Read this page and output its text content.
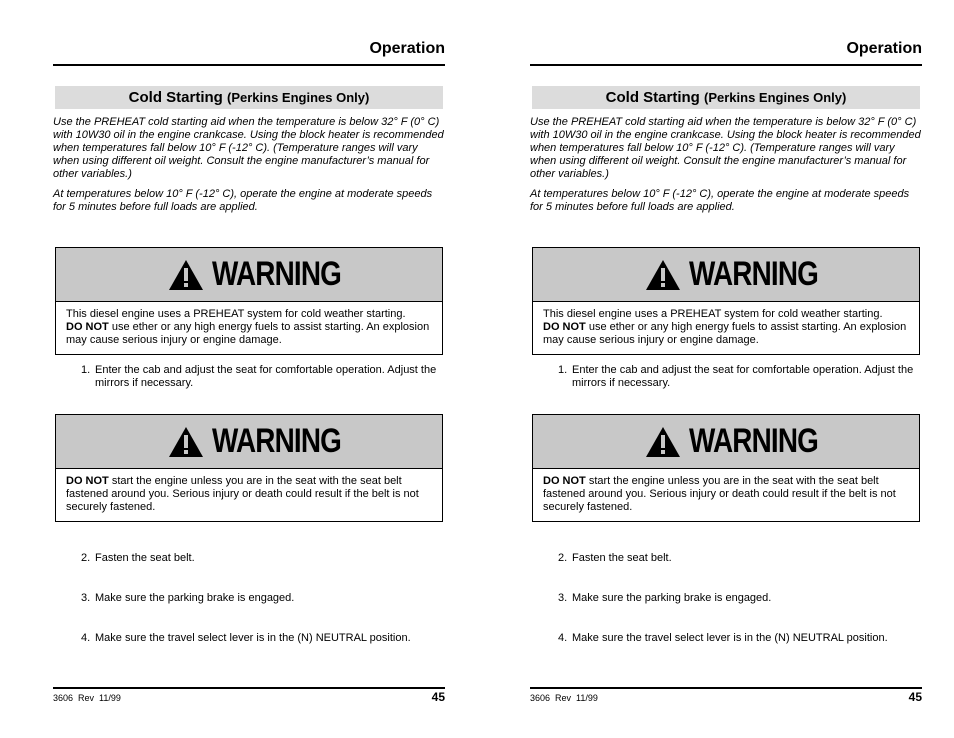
Operation
Cold Starting (Perkins Engines Only)

Use the PREHEAT cold starting aid when the temperature is below 32° F (0° C) with 10W30 oil in the engine crankcase. Using the block heater is recommended when temperatures fall below 10° F (-12° C). (Temperature ranges will vary when using different oil weight. Consult the engine manufacturer’s manual for other variables.)

At temperatures below 10° F (-12° C), operate the engine at moderate speeds for 5 minutes before full loads are applied.

WARNING
This diesel engine uses a PREHEAT system for cold weather starting.
DO NOT use ether or any high energy fuels to assist starting. An explosion may cause serious injury or engine damage.
1. Enter the cab and adjust the seat for comfortable operation. Adjust the mirrors if necessary.
WARNING
DO NOT start the engine unless you are in the seat with the seat belt fastened around you. Serious injury or death could result if the belt is not securely fastened.
2. Fasten the seat belt.
3. Make sure the parking brake is engaged.
4. Make sure the travel select lever is in the (N) NEUTRAL position.
3606  Rev  11/99	45
Operation
Cold Starting (Perkins Engines Only)

Use the PREHEAT cold starting aid when the temperature is below 32° F (0° C) with 10W30 oil in the engine crankcase. Using the block heater is recommended when temperatures fall below 10° F (-12° C). (Temperature ranges will vary when using different oil weight. Consult the engine manufacturer’s manual for other variables.)

At temperatures below 10° F (-12° C), operate the engine at moderate speeds for 5 minutes before full loads are applied.

WARNING
This diesel engine uses a PREHEAT system for cold weather starting.
DO NOT use ether or any high energy fuels to assist starting. An explosion may cause serious injury or engine damage.
1. Enter the cab and adjust the seat for comfortable operation. Adjust the mirrors if necessary.
WARNING
DO NOT start the engine unless you are in the seat with the seat belt fastened around you. Serious injury or death could result if the belt is not securely fastened.
2. Fasten the seat belt.
3. Make sure the parking brake is engaged.
4. Make sure the travel select lever is in the (N) NEUTRAL position.
3606  Rev  11/99	45
